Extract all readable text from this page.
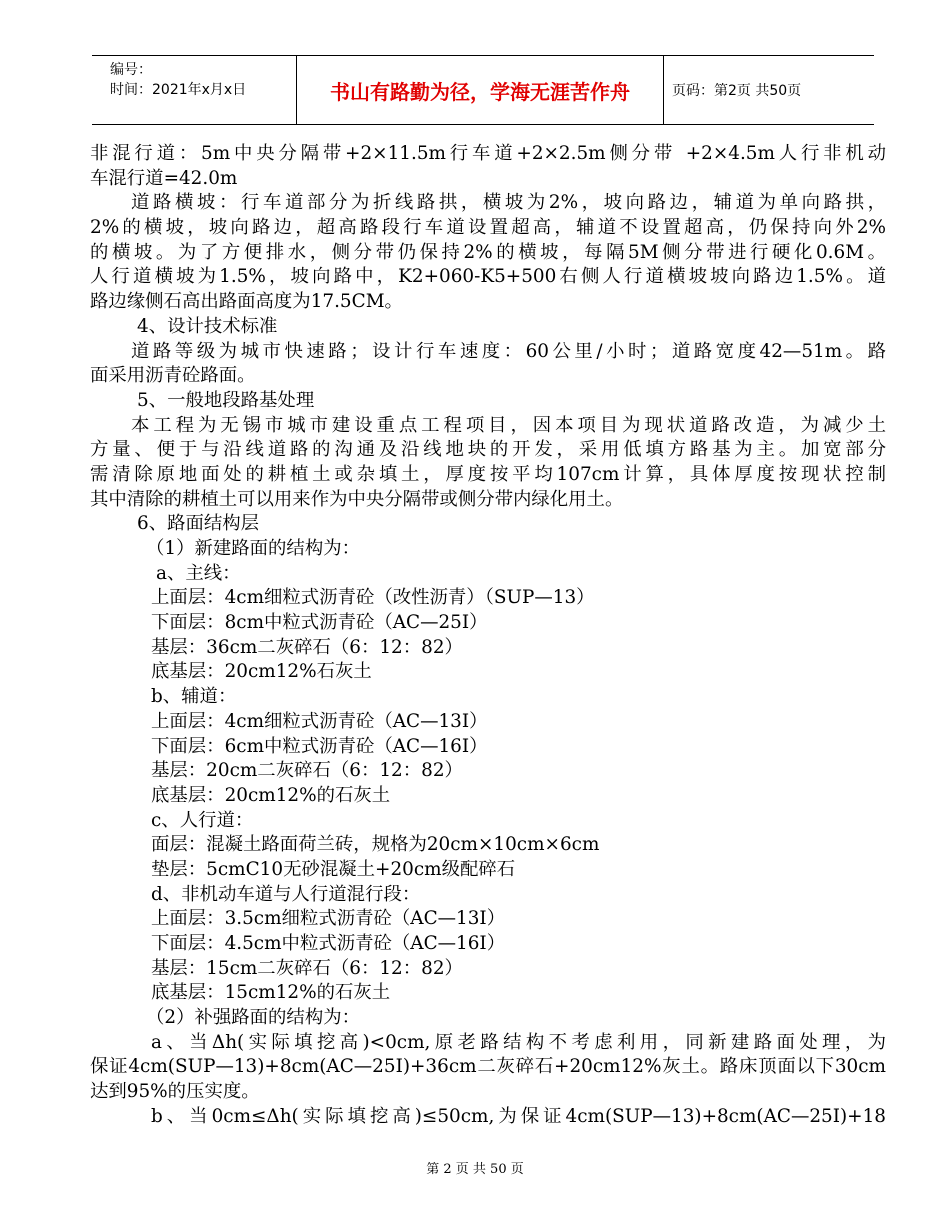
编号：
时间：2021年x月x日	书山有路勤为径，学海无涯苦作舟	页码：第2页 共50页
非混行道：5m中央分隔带+2×11.5m行车道+2×2.5m侧分带 +2×4.5m人行非机动
车混行道=42.0m
道路横坡：行车道部分为折线路拱，横坡为2%，坡向路边，辅道为单向路拱，
2%的横坡，坡向路边，超高路段行车道设置超高，辅道不设置超高，仍保持向外2%
的横坡。为了方便排水，侧分带仍保持2%的横坡，每隔5M侧分带进行硬化0.6M。
人行道横坡为1.5%，坡向路中，K2+060-K5+500右侧人行道横坡坡向路边1.5%。道
路边缘侧石高出路面高度为17.5CM。
4、设计技术标准
道路等级为城市快速路；设计行车速度：60公里/小时；道路宽度42—51m。路
面采用沥青砼路面。
5、一般地段路基处理
本工程为无锡市城市建设重点工程项目，因本项目为现状道路改造，为减少土
方量、便于与沿线道路的沟通及沿线地块的开发，采用低填方路基为主。加宽部分
需清除原地面处的耕植土或杂填土，厚度按平均107cm计算，具体厚度按现状控制
其中清除的耕植土可以用来作为中央分隔带或侧分带内绿化用土。
6、路面结构层
（1）新建路面的结构为：
a、主线：
上面层：4cm细粒式沥青砼（改性沥青）（SUP—13）
下面层：8cm中粒式沥青砼（AC—25I）
基层：36cm二灰碎石（6：12：82）
底基层：20cm12%石灰土
b、辅道：
上面层：4cm细粒式沥青砼（AC—13I）
下面层：6cm中粒式沥青砼（AC—16I）
基层：20cm二灰碎石（6：12：82）
底基层：20cm12%的石灰土
c、人行道：
面层：混凝土路面荷兰砖，规格为20cm×10cm×6cm
垫层：5cmC10无砂混凝土+20cm级配碎石
d、非机动车道与人行道混行段：
上面层：3.5cm细粒式沥青砼（AC—13I）
下面层：4.5cm中粒式沥青砼（AC—16I）
基层：15cm二灰碎石（6：12：82）
底基层：15cm12%的石灰土
（2）补强路面的结构为：
a、当Δh(实际填挖高)<0cm,原老路结构不考虑利用，同新建路面处理，为
保证4cm(SUP—13)+8cm(AC—25I)+36cm二灰碎石+20cm12%灰土。路床顶面以下30cm
达到95%的压实度。
b、当0cm≤Δh(实际填挖高)≤50cm,为保证4cm(SUP—13)+8cm(AC—25I)+18
第 2 页 共 50 页
